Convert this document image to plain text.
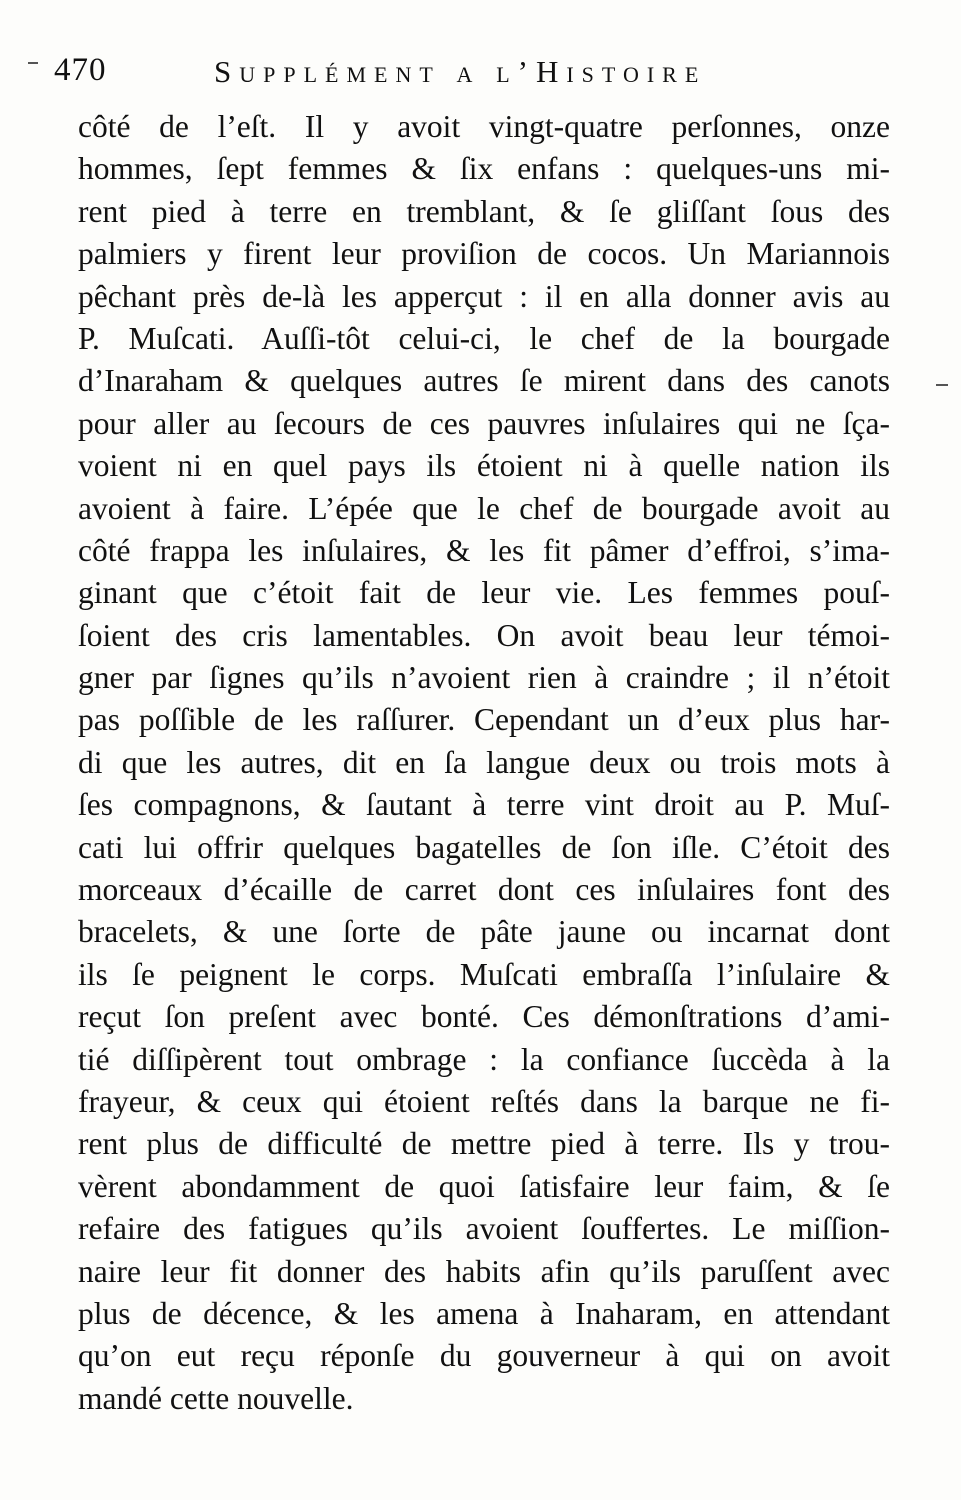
470	Supplément a l’Histoire
côté de l’eſt. Il y avoit vingt-quatre perſonnes, onze
hommes, ſept femmes & ſix enfans : quelques-uns mi-
rent pied à terre en tremblant, & ſe gliſſant ſous des
palmiers y firent leur proviſion de cocos. Un Mariannois
pêchant près de-là les apperçut : il en alla donner avis au
P. Muſcati. Auſſi-tôt celui-ci, le chef de la bourgade
d’Inaraham & quelques autres ſe mirent dans des canots
pour aller au ſecours de ces pauvres inſulaires qui ne ſça-
voient ni en quel pays ils étoient ni à quelle nation ils
avoient à faire. L’épée que le chef de bourgade avoit au
côté frappa les inſulaires, & les fit pâmer d’effroi, s’ima-
ginant que c’étoit fait de leur vie. Les femmes pouſ-
ſoient des cris lamentables. On avoit beau leur témoi-
gner par ſignes qu’ils n’avoient rien à craindre ; il n’étoit
pas poſſible de les raſſurer. Cependant un d’eux plus har-
di que les autres, dit en ſa langue deux ou trois mots à
ſes compagnons, & ſautant à terre vint droit au P. Muſ-
cati lui offrir quelques bagatelles de ſon iſle. C’étoit des
morceaux d’écaille de carret dont ces inſulaires font des
bracelets, & une ſorte de pâte jaune ou incarnat dont
ils ſe peignent le corps. Muſcati embraſſa l’inſulaire &
reçut ſon preſent avec bonté. Ces démonſtrations d’ami-
tié diſſipèrent tout ombrage : la confiance ſuccèda à la
frayeur, & ceux qui étoient reſtés dans la barque ne fi-
rent plus de difficulté de mettre pied à terre. Ils y trou-
vèrent abondamment de quoi ſatisfaire leur faim, & ſe
refaire des fatigues qu’ils avoient ſouffertes. Le miſſion-
naire leur fit donner des habits afin qu’ils paruſſent avec
plus de décence, & les amena à Inaharam, en attendant
qu’on eut reçu réponſe du gouverneur à qui on avoit
mandé cette nouvelle.
